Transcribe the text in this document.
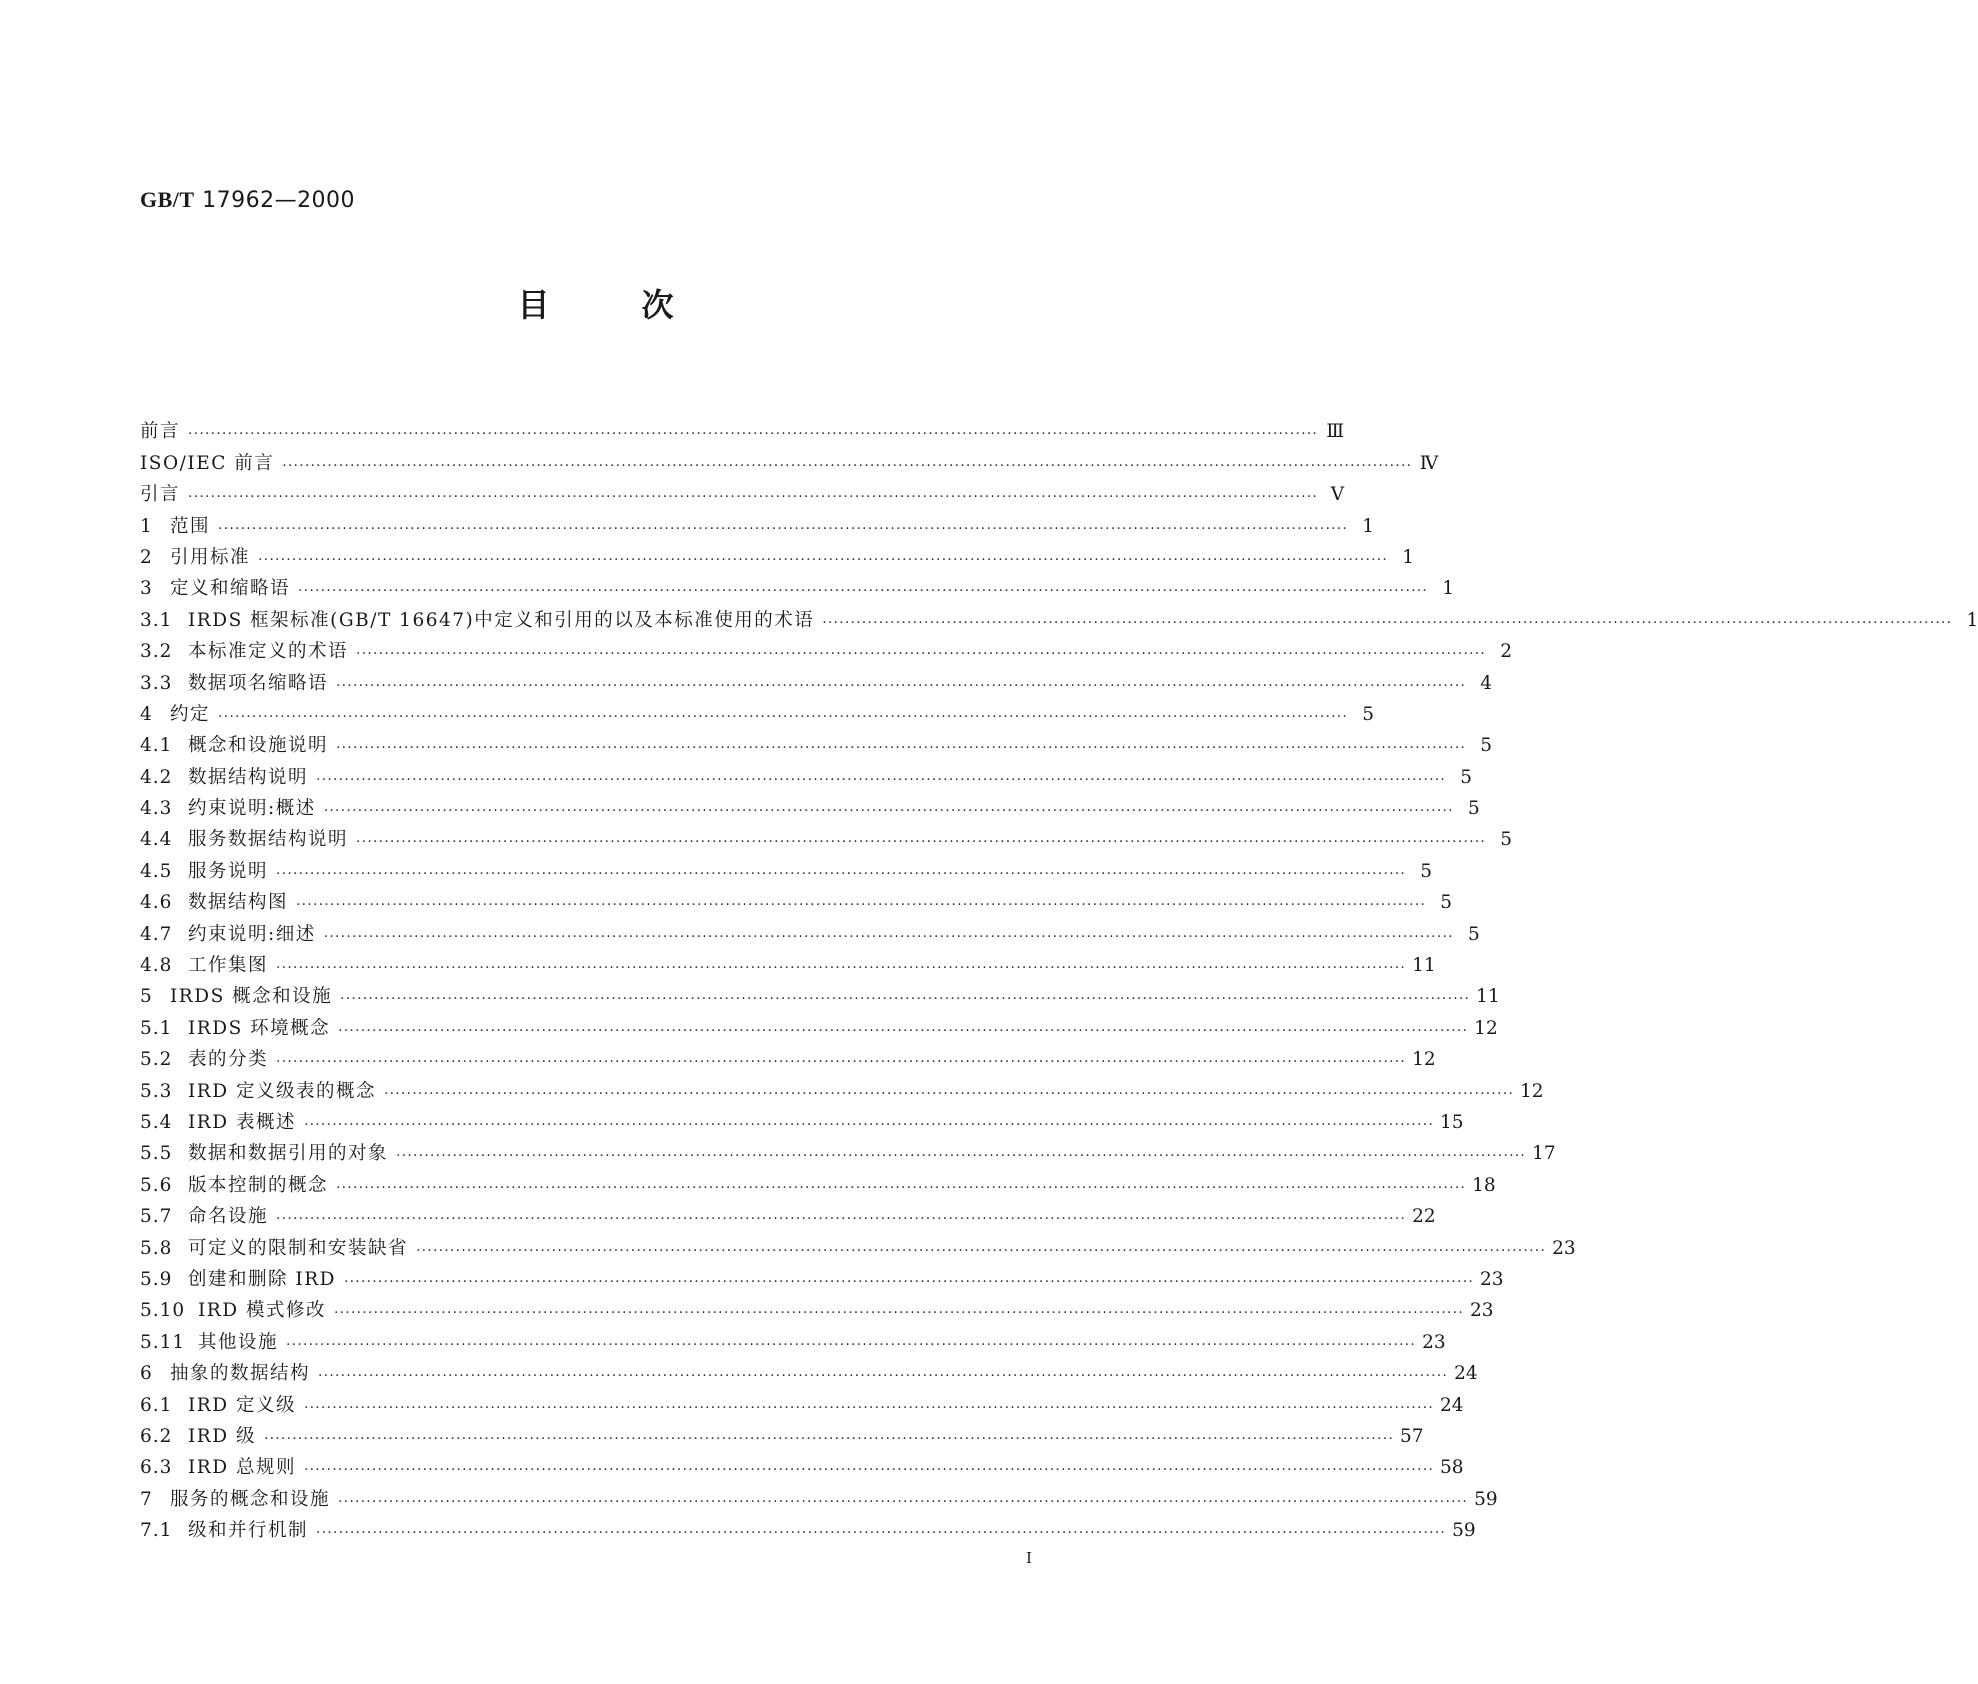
GB/T 17962—2000
目	次
前言 ········································································································································································································ Ⅲ
ISO/IEC 前言 ········································································································································································································ Ⅳ
引言 ········································································································································································································ Ⅴ
1 范围 ········································································································································································································ 1
2 引用标准 ········································································································································································································ 1
3 定义和缩略语 ········································································································································································································ 1
3.1 IRDS 框架标准(GB/T 16647)中定义和引用的以及本标准使用的术语 ········································································································································································································ 1
3.2 本标准定义的术语 ········································································································································································································ 2
3.3 数据项名缩略语 ········································································································································································································ 4
4 约定 ········································································································································································································ 5
4.1 概念和设施说明 ········································································································································································································ 5
4.2 数据结构说明 ········································································································································································································ 5
4.3 约束说明:概述 ········································································································································································································ 5
4.4 服务数据结构说明 ········································································································································································································ 5
4.5 服务说明 ········································································································································································································ 5
4.6 数据结构图 ········································································································································································································ 5
4.7 约束说明:细述 ········································································································································································································ 5
4.8 工作集图 ········································································································································································································ 11
5 IRDS 概念和设施 ········································································································································································································ 11
5.1 IRDS 环境概念 ········································································································································································································ 12
5.2 表的分类 ········································································································································································································ 12
5.3 IRD 定义级表的概念 ········································································································································································································ 12
5.4 IRD 表概述 ········································································································································································································ 15
5.5 数据和数据引用的对象 ········································································································································································································ 17
5.6 版本控制的概念 ········································································································································································································ 18
5.7 命名设施 ········································································································································································································ 22
5.8 可定义的限制和安装缺省 ········································································································································································································ 23
5.9 创建和删除 IRD ········································································································································································································ 23
5.10 IRD 模式修改 ········································································································································································································ 23
5.11 其他设施 ········································································································································································································ 23
6 抽象的数据结构 ········································································································································································································ 24
6.1 IRD 定义级 ········································································································································································································ 24
6.2 IRD 级 ········································································································································································································ 57
6.3 IRD 总规则 ········································································································································································································ 58
7 服务的概念和设施 ········································································································································································································ 59
7.1 级和并行机制 ········································································································································································································ 59
I
